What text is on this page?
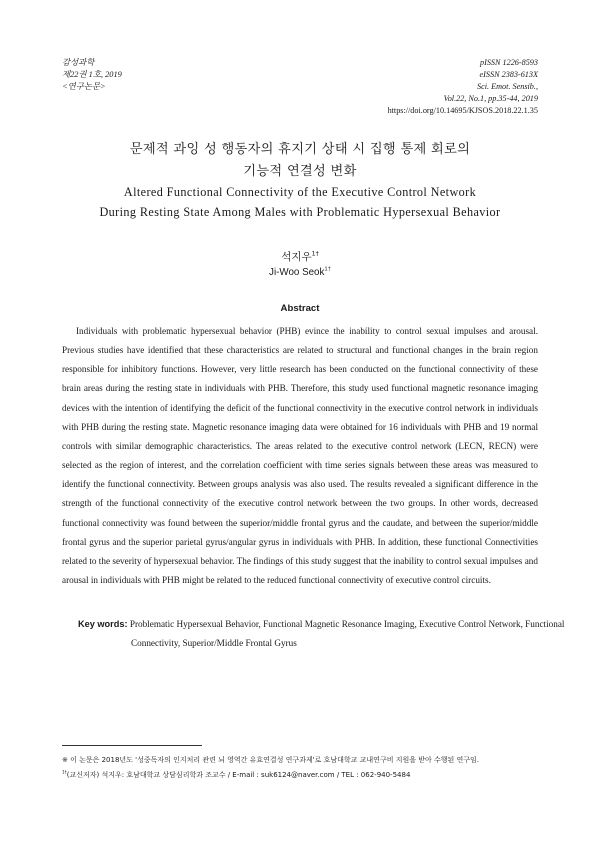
감성과학
제22권 1호, 2019
<연구논문>
pISSN 1226-8593
eISSN 2383-613X
Sci. Emot. Sensib.,
Vol.22, No.1, pp.35-44, 2019
https://doi.org/10.14695/KJSOS.2018.22.1.35
문제적 과잉 성 행동자의 휴지기 상태 시 집행 통제 회로의
기능적 연결성 변화
Altered Functional Connectivity of the Executive Control Network
During Resting State Among Males with Problematic Hypersexual Behavior
석지우$^{1\dagger}$
Ji-Woo Seok$^{1\dagger}$
Abstract

Individuals with problematic hypersexual behavior (PHB) evince the inability to control sexual impulses and arousal. Previous studies have identified that these characteristics are related to structural and functional changes in the brain region responsible for inhibitory functions. However, very little research has been conducted on the functional connectivity of these brain areas during the resting state in individuals with PHB. Therefore, this study used functional magnetic resonance imaging devices with the intention of identifying the deficit of the functional connectivity in the executive control network in individuals with PHB during the resting state. Magnetic resonance imaging data were obtained for 16 individuals with PHB and 19 normal controls with similar demographic characteristics. The areas related to the executive control network (LECN, RECN) were selected as the region of interest, and the correlation coefficient with time series signals between these areas was measured to identify the functional connectivity. Between groups analysis was also used. The results revealed a significant difference in the strength of the functional connectivity of the executive control network between the two groups. In other words, decreased functional connectivity was found between the superior/middle frontal gyrus and the caudate, and between the superior/middle frontal gyrus and the superior parietal gyrus/angular gyrus in individuals with PHB. In addition, these functional Connectivities related to the severity of hypersexual behavior. The findings of this study suggest that the inability to control sexual impulses and arousal in individuals with PHB might be related to the reduced functional connectivity of executive control circuits.

Key words: Problematic Hypersexual Behavior, Functional Magnetic Resonance Imaging, Executive Control Network, Functional Connectivity, Superior/Middle Frontal Gyrus
※ 이 논문은 2018년도 '성중독자의 인지처리 관련 뇌 영역간 유효연결성 연구과제'로 호남대학교 교내연구비 지원을 받아 수행된 연구임.
$^{1\dagger}$(교신저자) 석지우: 호남대학교 상담심리학과 조교수 / E-mail : suk6124@naver.com / TEL : 062-940-5484
